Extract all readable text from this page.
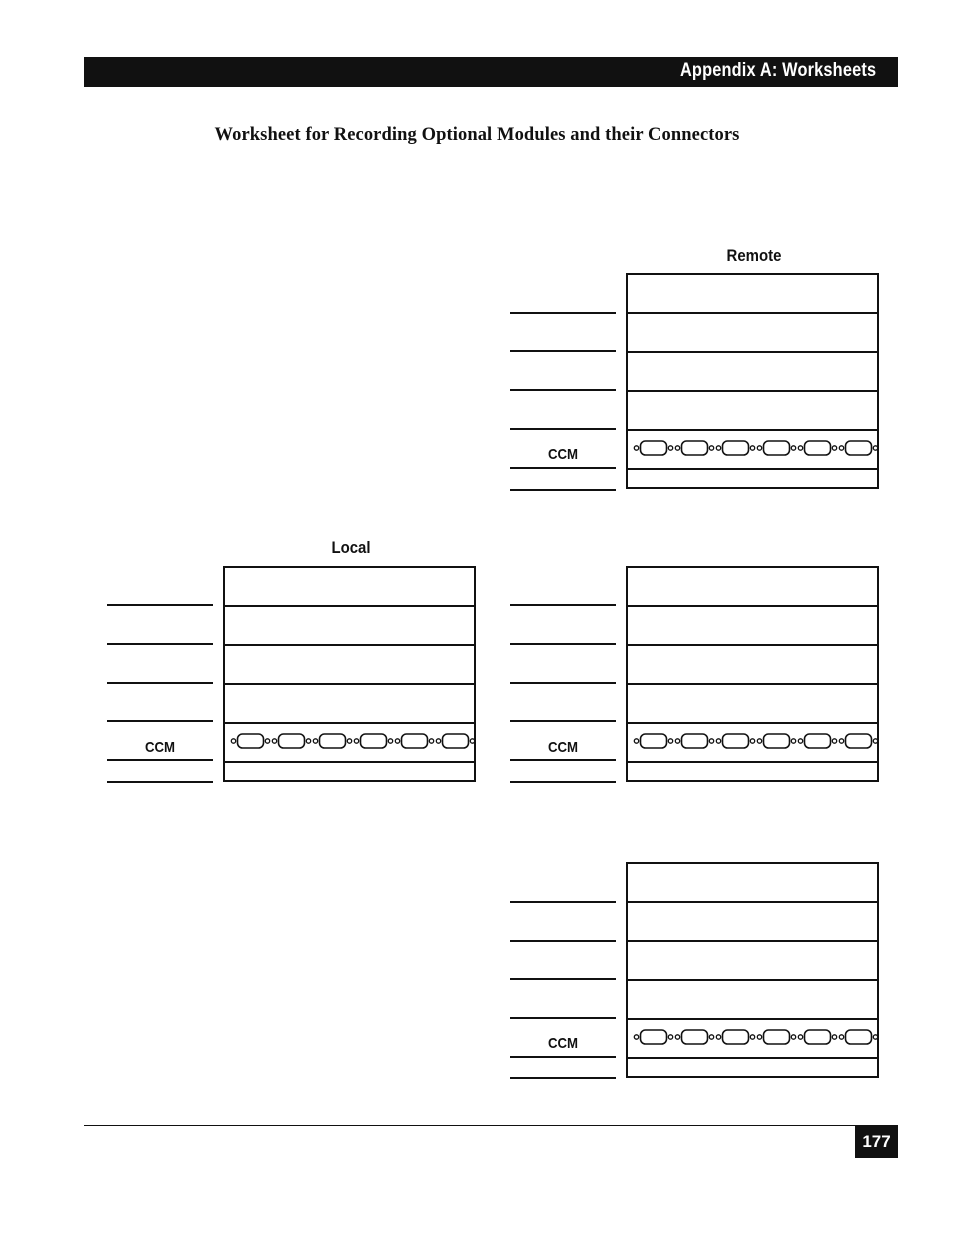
Appendix A: Worksheets
Worksheet for Recording Optional Modules and their Connectors
Remote
Local
CCM
CCM	CCM
CCM
177
